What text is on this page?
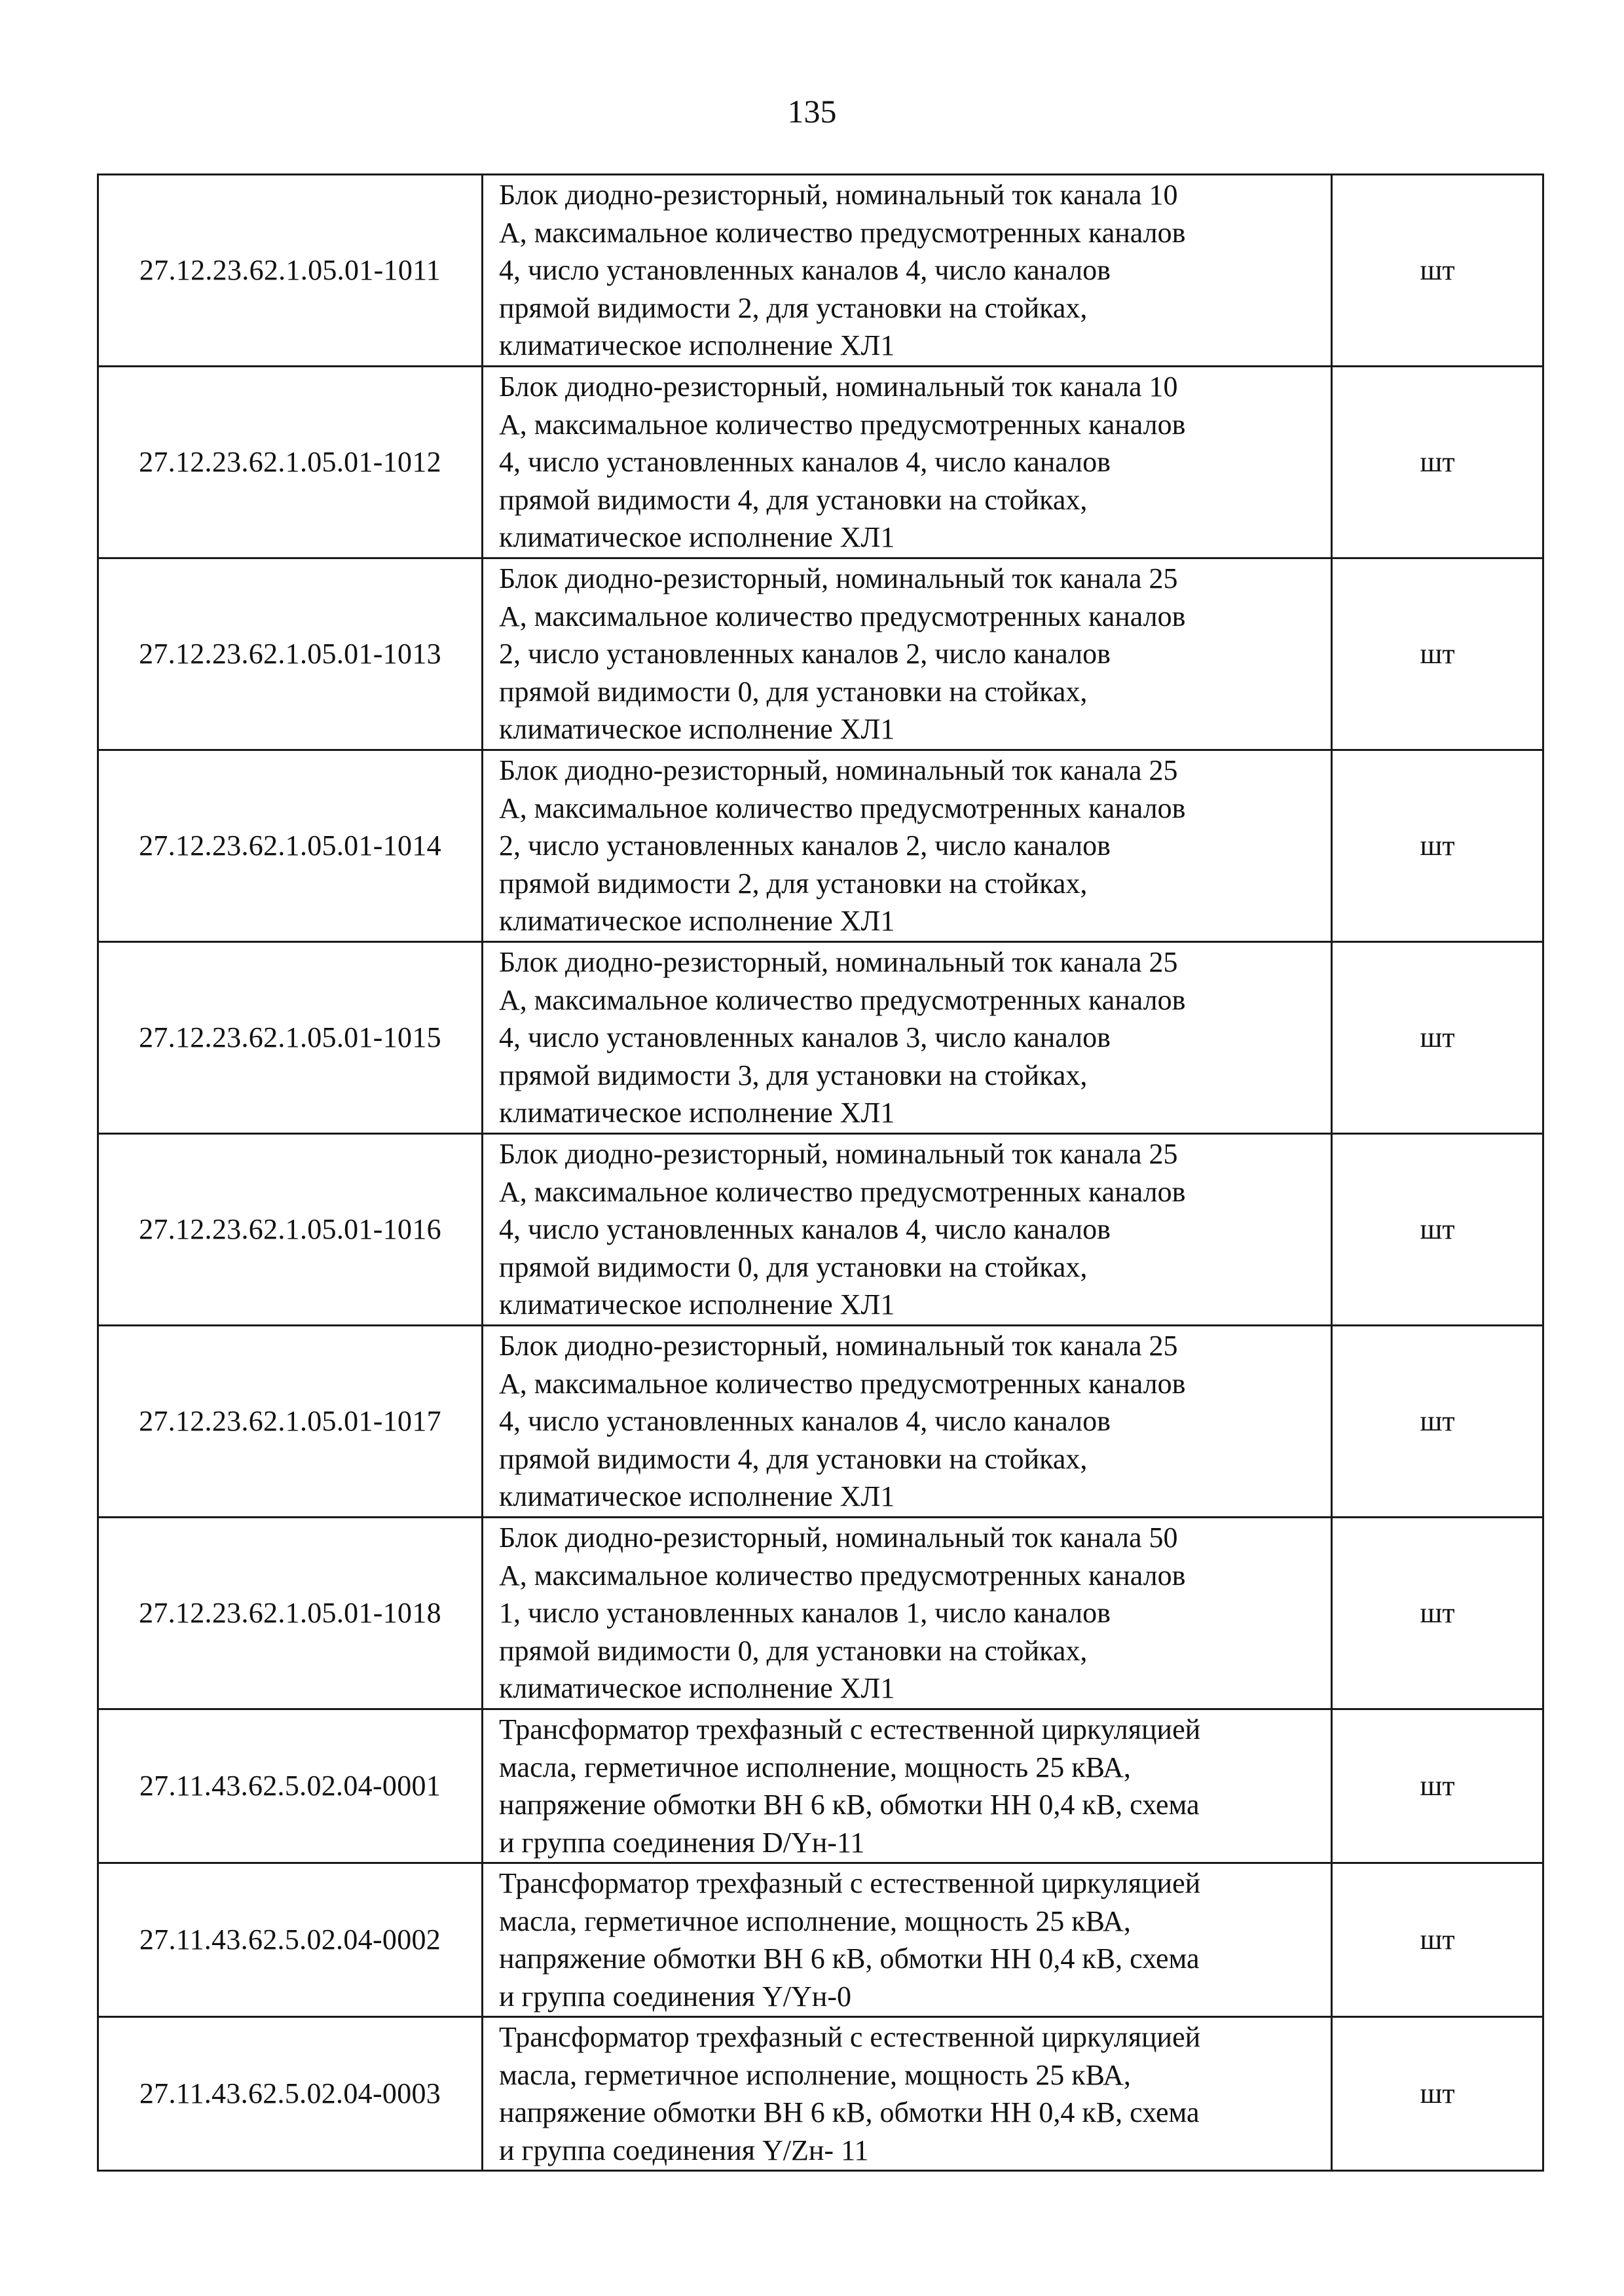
135
27.12.23.62.1.05.01-1011	Блок диодно-резисторный, номинальный ток канала 10
А, максимальное количество предусмотренных каналов
4, число установленных каналов 4, число каналов
прямой видимости 2, для установки на стойках,
климатическое исполнение ХЛ1	шт
27.12.23.62.1.05.01-1012	Блок диодно-резисторный, номинальный ток канала 10
А, максимальное количество предусмотренных каналов
4, число установленных каналов 4, число каналов
прямой видимости 4, для установки на стойках,
климатическое исполнение ХЛ1	шт
27.12.23.62.1.05.01-1013	Блок диодно-резисторный, номинальный ток канала 25
А, максимальное количество предусмотренных каналов
2, число установленных каналов 2, число каналов
прямой видимости 0, для установки на стойках,
климатическое исполнение ХЛ1	шт
27.12.23.62.1.05.01-1014	Блок диодно-резисторный, номинальный ток канала 25
А, максимальное количество предусмотренных каналов
2, число установленных каналов 2, число каналов
прямой видимости 2, для установки на стойках,
климатическое исполнение ХЛ1	шт
27.12.23.62.1.05.01-1015	Блок диодно-резисторный, номинальный ток канала 25
А, максимальное количество предусмотренных каналов
4, число установленных каналов 3, число каналов
прямой видимости 3, для установки на стойках,
климатическое исполнение ХЛ1	шт
27.12.23.62.1.05.01-1016	Блок диодно-резисторный, номинальный ток канала 25
А, максимальное количество предусмотренных каналов
4, число установленных каналов 4, число каналов
прямой видимости 0, для установки на стойках,
климатическое исполнение ХЛ1	шт
27.12.23.62.1.05.01-1017	Блок диодно-резисторный, номинальный ток канала 25
А, максимальное количество предусмотренных каналов
4, число установленных каналов 4, число каналов
прямой видимости 4, для установки на стойках,
климатическое исполнение ХЛ1	шт
27.12.23.62.1.05.01-1018	Блок диодно-резисторный, номинальный ток канала 50
А, максимальное количество предусмотренных каналов
1, число установленных каналов 1, число каналов
прямой видимости 0, для установки на стойках,
климатическое исполнение ХЛ1	шт
27.11.43.62.5.02.04-0001	Трансформатор трехфазный с естественной циркуляцией
масла, герметичное исполнение, мощность 25 кВА,
напряжение обмотки ВН 6 кВ, обмотки НН 0,4 кВ, схема
и группа соединения D/Yн-11	шт
27.11.43.62.5.02.04-0002	Трансформатор трехфазный с естественной циркуляцией
масла, герметичное исполнение, мощность 25 кВА,
напряжение обмотки ВН 6 кВ, обмотки НН 0,4 кВ, схема
и группа соединения Y/Yн-0	шт
27.11.43.62.5.02.04-0003	Трансформатор трехфазный с естественной циркуляцией
масла, герметичное исполнение, мощность 25 кВА,
напряжение обмотки ВН 6 кВ, обмотки НН 0,4 кВ, схема
и группа соединения Y/Zн- 11	шт
